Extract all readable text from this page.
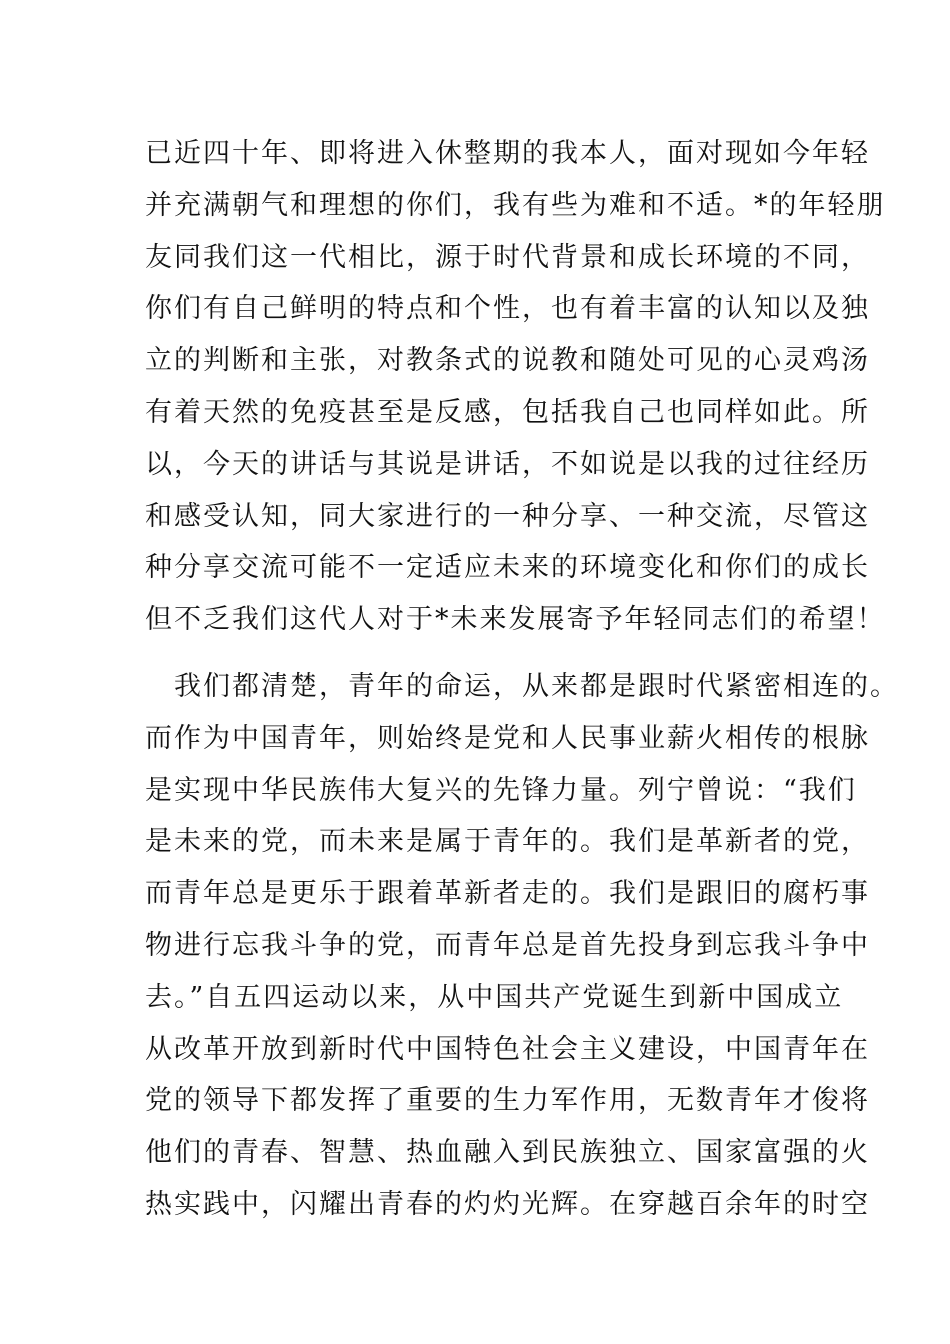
已近四十年、即将进入休整期的我本人，面对现如今年轻
并充满朝气和理想的你们，我有些为难和不适。*的年轻朋
友同我们这一代相比，源于时代背景和成长环境的不同，
你们有自己鲜明的特点和个性，也有着丰富的认知以及独
立的判断和主张，对教条式的说教和随处可见的心灵鸡汤
有着天然的免疫甚至是反感，包括我自己也同样如此。所
以，今天的讲话与其说是讲话，不如说是以我的过往经历
和感受认知，同大家进行的一种分享、一种交流，尽管这
种分享交流可能不一定适应未来的环境变化和你们的成长
但不乏我们这代人对于*未来发展寄予年轻同志们的希望！

　我们都清楚，青年的命运，从来都是跟时代紧密相连的。
而作为中国青年，则始终是党和人民事业薪火相传的根脉
是实现中华民族伟大复兴的先锋力量。列宁曾说：“我们
是未来的党，而未来是属于青年的。我们是革新者的党，
而青年总是更乐于跟着革新者走的。我们是跟旧的腐朽事
物进行忘我斗争的党，而青年总是首先投身到忘我斗争中
去。”自五四运动以来，从中国共产党诞生到新中国成立
从改革开放到新时代中国特色社会主义建设，中国青年在
党的领导下都发挥了重要的生力军作用，无数青年才俊将
他们的青春、智慧、热血融入到民族独立、国家富强的火
热实践中，闪耀出青春的灼灼光辉。在穿越百余年的时空
